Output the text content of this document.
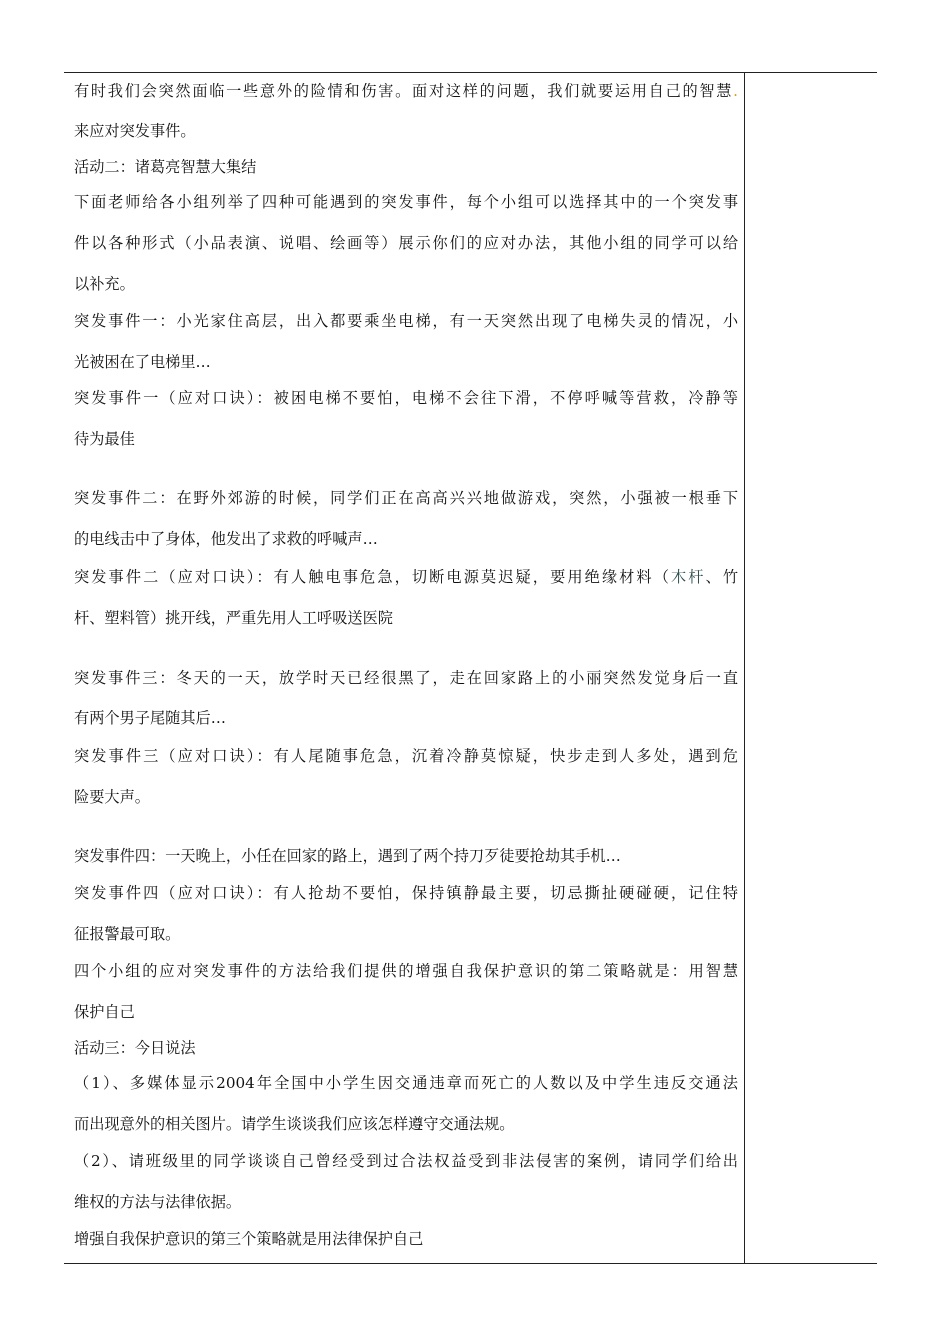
有时我们会突然面临一些意外的险情和伤害。面对这样的问题，我们就要运用自己的智慧.
来应对突发事件。
活动二：诸葛亮智慧大集结
下面老师给各小组列举了四种可能遇到的突发事件，每个小组可以选择其中的一个突发事
件以各种形式（小品表演、说唱、绘画等）展示你们的应对办法，其他小组的同学可以给
以补充。
突发事件一：小光家住高层，出入都要乘坐电梯，有一天突然出现了电梯失灵的情况，小
光被困在了电梯里…
突发事件一（应对口诀）：被困电梯不要怕，电梯不会往下滑，不停呼喊等营救，冷静等
待为最佳
突发事件二：在野外郊游的时候，同学们正在高高兴兴地做游戏，突然，小强被一根垂下
的电线击中了身体，他发出了求救的呼喊声…
突发事件二（应对口诀）：有人触电事危急，切断电源莫迟疑，要用绝缘材料（木杆、竹
杆、塑料管）挑开线，严重先用人工呼吸送医院
突发事件三：冬天的一天，放学时天已经很黑了，走在回家路上的小丽突然发觉身后一直
有两个男子尾随其后…
突发事件三（应对口诀）：有人尾随事危急，沉着冷静莫惊疑，快步走到人多处，遇到危
险要大声。
突发事件四：一天晚上，小任在回家的路上，遇到了两个持刀歹徒要抢劫其手机…
突发事件四（应对口诀）：有人抢劫不要怕，保持镇静最主要，切忌撕扯硬碰硬，记住特
征报警最可取。
四个小组的应对突发事件的方法给我们提供的增强自我保护意识的第二策略就是：用智慧
保护自己
活动三：今日说法
（1）、多媒体显示2004年全国中小学生因交通违章而死亡的人数以及中学生违反交通法
而出现意外的相关图片。请学生谈谈我们应该怎样遵守交通法规。
（2）、请班级里的同学谈谈自己曾经受到过合法权益受到非法侵害的案例，请同学们给出
维权的方法与法律依据。
增强自我保护意识的第三个策略就是用法律保护自己
